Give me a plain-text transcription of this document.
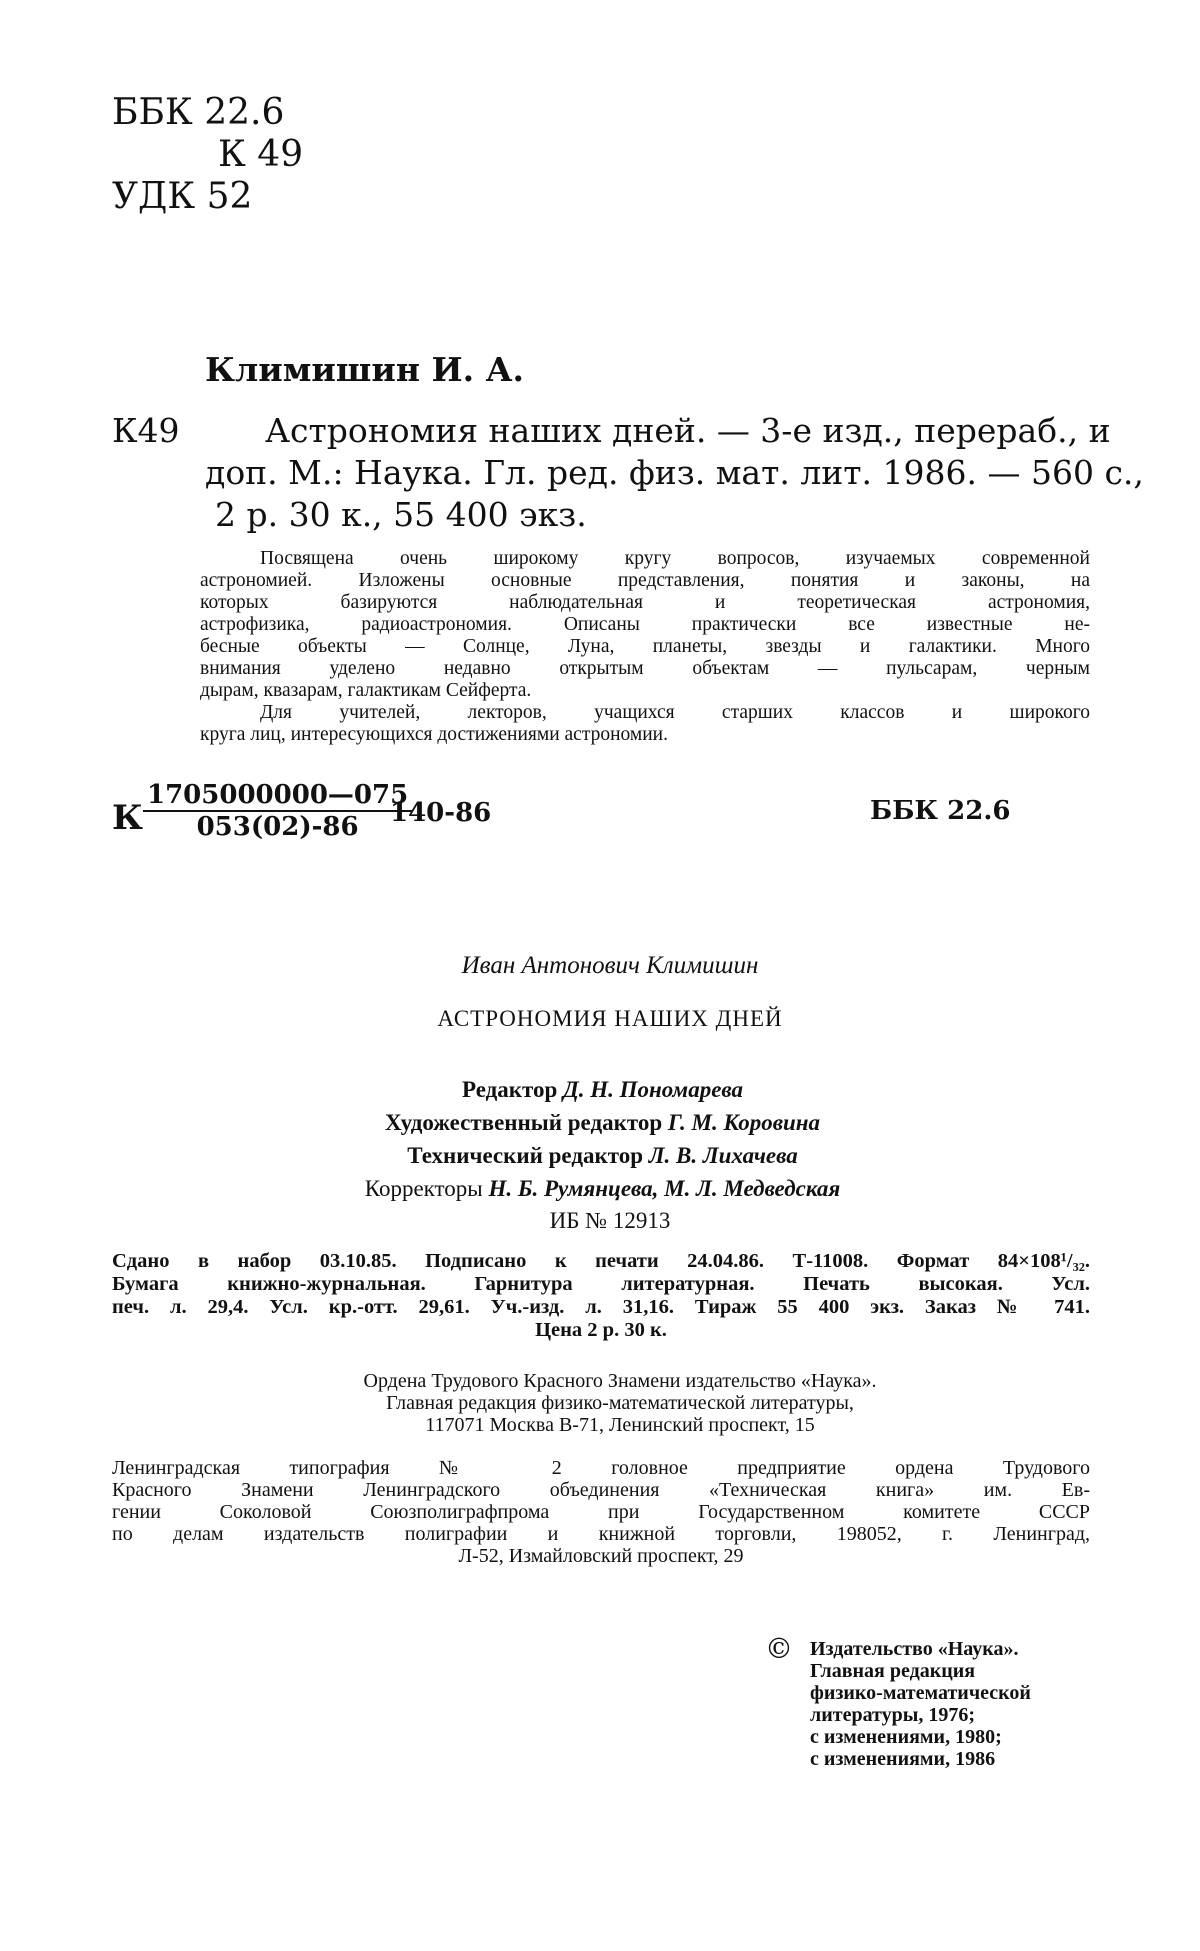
ББК 22.6
К 49
УДК 52
Климишин И. А.
К49	Астрономия наших дней. — 3-е изд., перераб., и
доп. М.: Наука. Гл. ред. физ. мат. лит. 1986. — 560 с.,
2 р. 30 к., 55 400 экз.
Посвящена очень широкому кругу вопросов, изучаемых современной
астрономией. Изложены основные представления, понятия и законы, на
которых базируются наблюдательная и теоретическая астрономия,
астрофизика, радиоастрономия. Описаны практически все известные не-
бесные объекты — Солнце, Луна, планеты, звезды и галактики. Много
внимания уделено недавно открытым объектам — пульсарам, черным
дырам, квазарам, галактикам Сейферта.
Для учителей, лекторов, учащихся старших классов и широкого
круга лиц, интересующихся достижениями астрономии.
К $\frac{1705000000—075}{053(02)-86}$
140-86	ББК 22.6
Иван Антонович Климишин
АСТРОНОМИЯ НАШИХ ДНЕЙ
Редактор Д. Н. Пономарева
Художественный редактор Г. М. Коровина
Технический редактор Л. В. Лихачева
Корректоры Н. Б. Румянцева, М. Л. Медведская
ИБ № 12913
Сдано в набор 03.10.85. Подписано к печати 24.04.86. Т-11008. Формат 84×108¹/₃₂.
Бумага книжно-журнальная. Гарнитура литературная. Печать высокая. Усл.
печ. л. 29,4. Усл. кр.-отт. 29,61. Уч.-изд. л. 31,16. Тираж 55 400 экз. Заказ № 741.
Цена 2 р. 30 к.
Ордена Трудового Красного Знамени издательство «Наука».
Главная редакция физико-математической литературы,
117071 Москва В-71, Ленинский проспект, 15
Ленинградская типография № 2 головное предприятие ордена Трудового
Красного Знамени Ленинградского объединения «Техническая книга» им. Ев-
гении Соколовой Союзполиграфпрома при Государственном комитете СССР
по делам издательств полиграфии и книжной торговли, 198052, г. Ленинград,
Л-52, Измайловский проспект, 29
© Издательство «Наука».
Главная редакция
физико-математической
литературы, 1976;
с изменениями, 1980;
с изменениями, 1986
